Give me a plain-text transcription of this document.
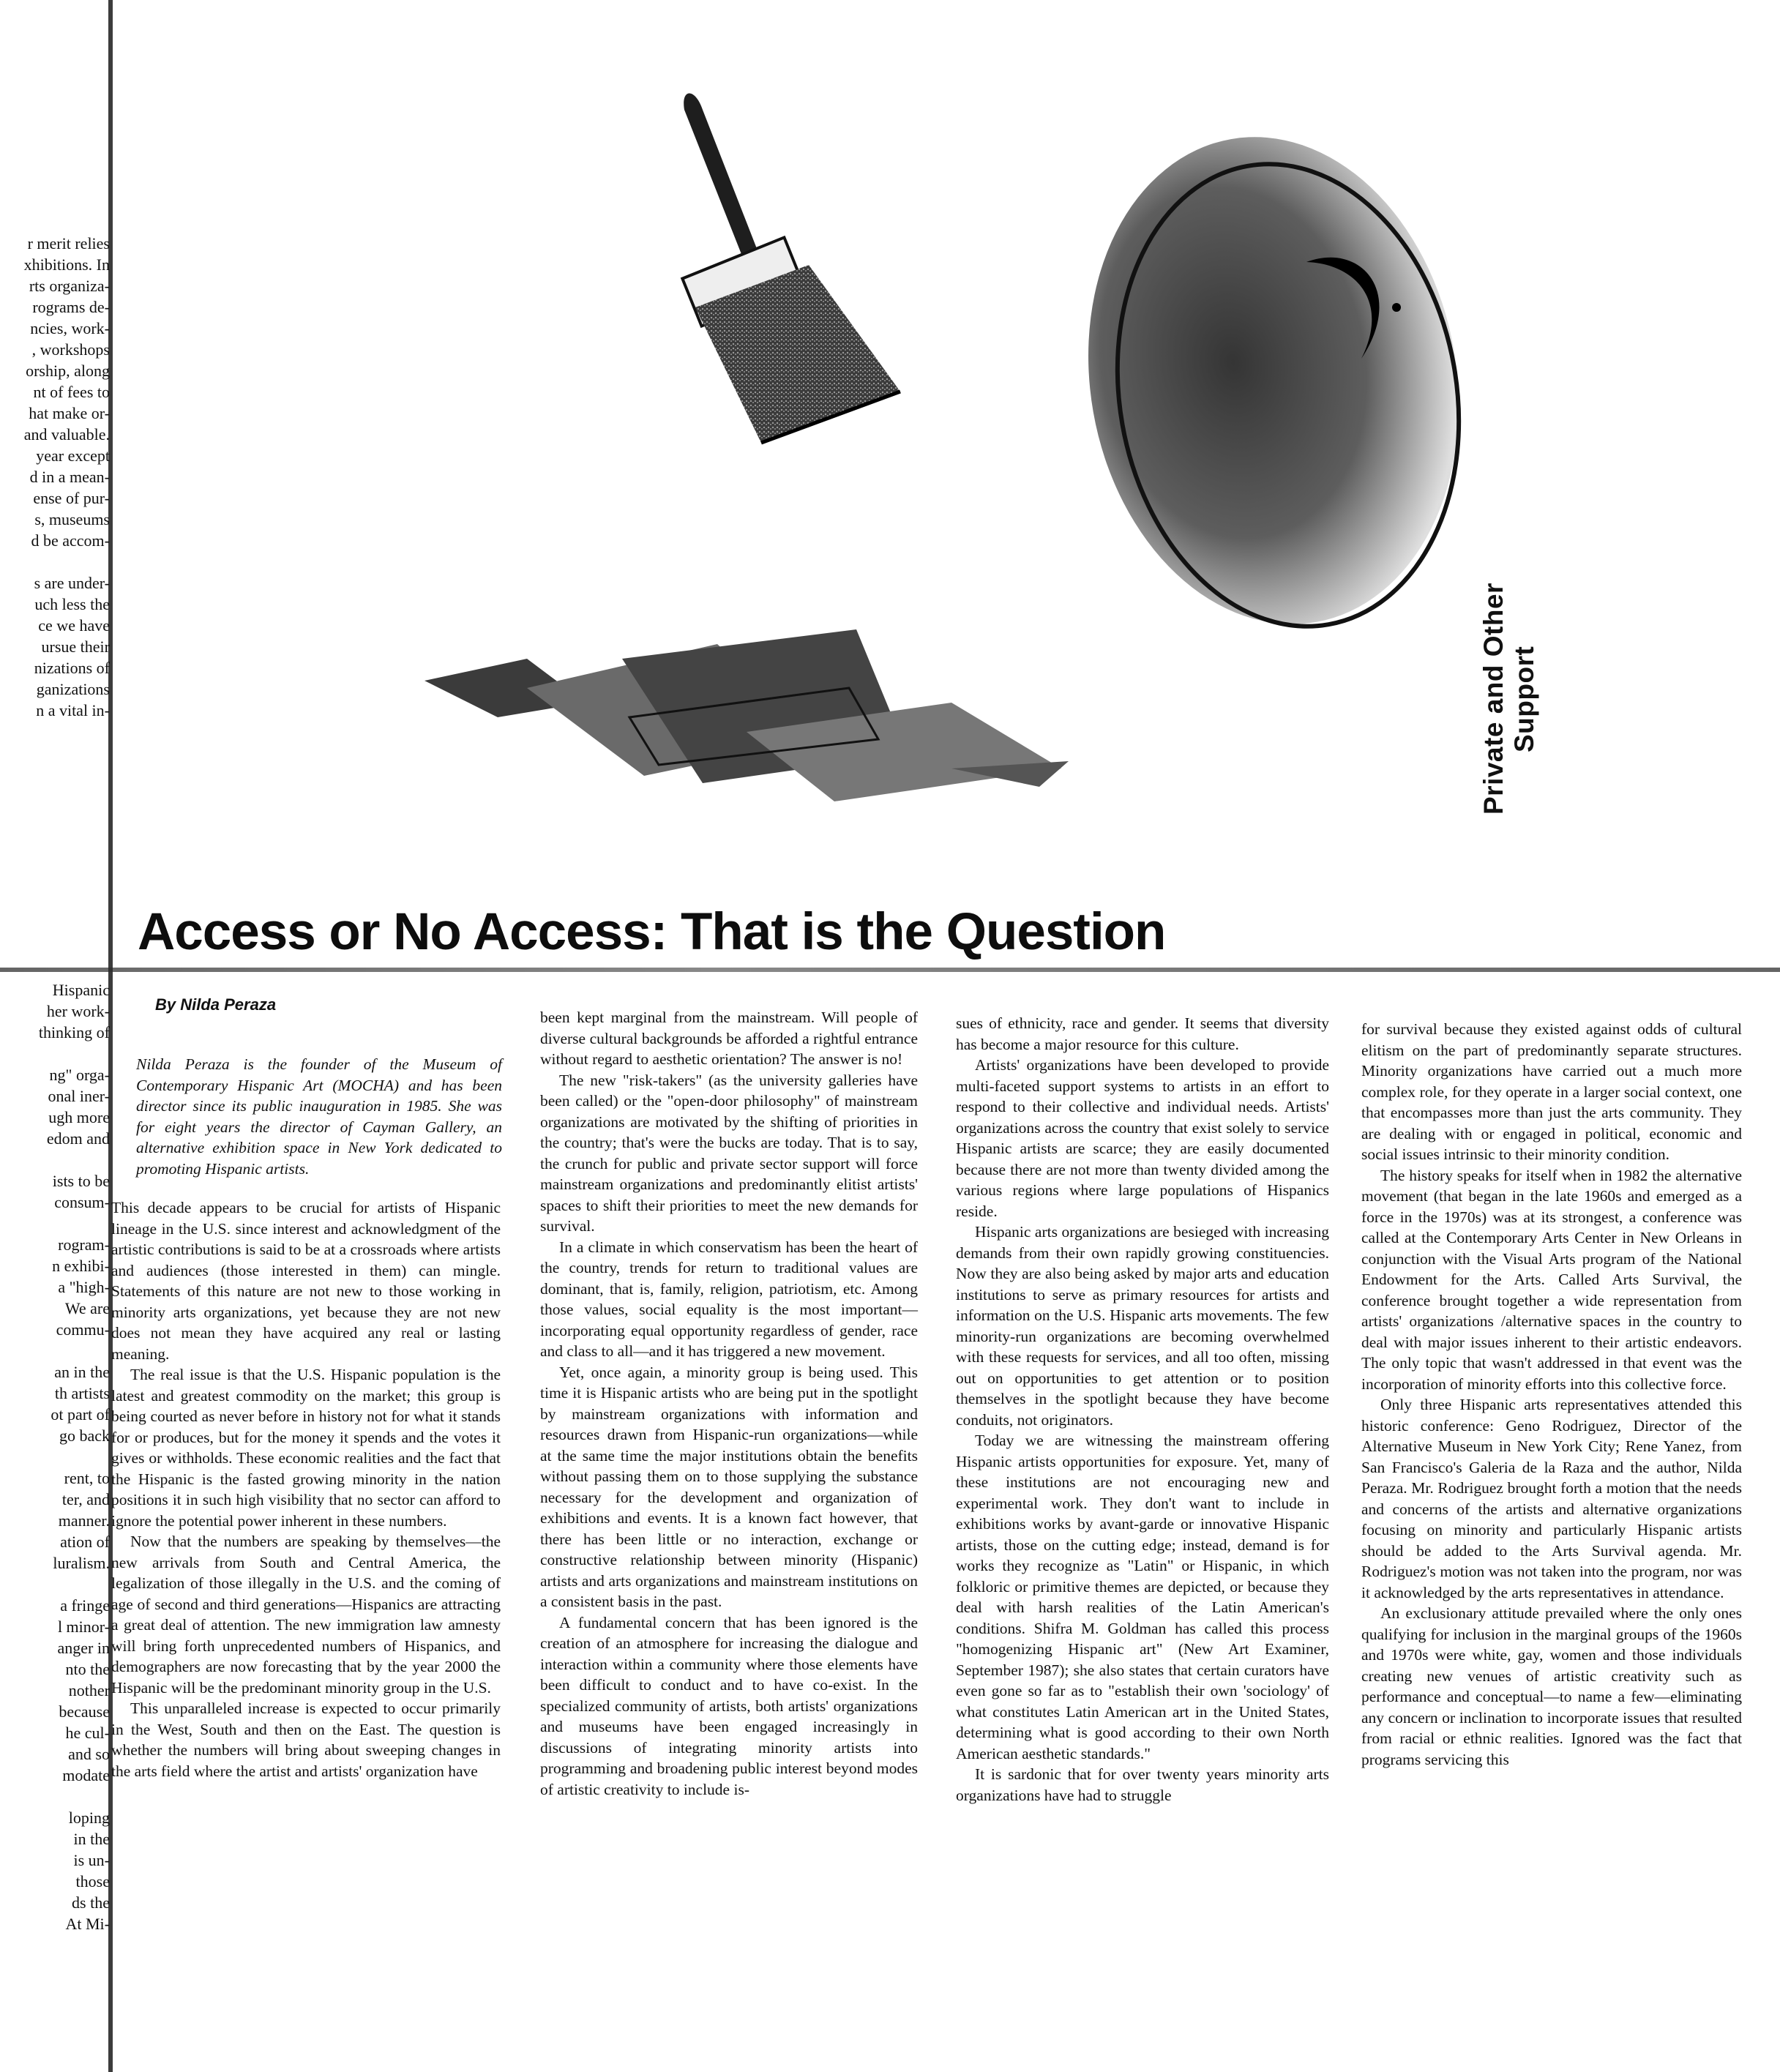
r merit relies

xhibitions. In

rts organiza-

rograms de-

ncies, work-

, workshops

orship, along

nt of fees to

hat make or-

and valuable.

year except

d in a mean-

ense of pur-

s, museums

d be accom-

s are under-

uch less the

ce we have

ursue their

nizations of

ganizations

n a vital in-

Hispanic

her work-

thinking of

ng" orga-

onal iner-

ugh more

edom and

ists to be

consum-

rogram-

n exhibi-

a "high-

We are

commu-

an in the

th artists

ot part of

go back

rent, to

ter, and

manner.

ation of

luralism.

a fringe

l minor-

anger in

nto the

nother

because

he cul-

and so

modate

loping

in the

is un-

those

ds the

At Mi-

Private and Other Support
Access or No Access: That is the Question
By Nilda Peraza
Nilda Peraza is the founder of the Museum of Contemporary Hispanic Art (MOCHA) and has been director since its public inauguration in 1985. She was for eight years the director of Cayman Gallery, an alternative exhibition space in New York dedicated to promoting Hispanic artists.

This decade appears to be crucial for artists of Hispanic lineage in the U.S. since interest and acknowledgment of the artistic contributions is said to be at a crossroads where artists and audiences (those interested in them) can mingle. Statements of this nature are not new to those working in minority arts organizations, yet because they are not new does not mean they have acquired any real or lasting meaning.

The real issue is that the U.S. Hispanic population is the latest and greatest commodity on the market; this group is being courted as never before in history not for what it stands for or produces, but for the money it spends and the votes it gives or withholds. These economic realities and the fact that the Hispanic is the fasted growing minority in the nation positions it in such high visibility that no sector can afford to ignore the potential power inherent in these numbers.

Now that the numbers are speaking by themselves—the new arrivals from South and Central America, the legalization of those illegally in the U.S. and the coming of age of second and third generations—Hispanics are attracting a great deal of attention. The new immigration law amnesty will bring forth unprecedented numbers of Hispanics, and demographers are now forecasting that by the year 2000 the Hispanic will be the predominant minority group in the U.S.

This unparalleled increase is expected to occur primarily in the West, South and then on the East. The question is whether the numbers will bring about sweeping changes in the arts field where the artist and artists' organization have

been kept marginal from the mainstream. Will people of diverse cultural backgrounds be afforded a rightful entrance without regard to aesthetic orientation? The answer is no!

The new "risk-takers" (as the university galleries have been called) or the "open-door philosophy" of mainstream organizations are motivated by the shifting of priorities in the country; that's were the bucks are today. That is to say, the crunch for public and private sector support will force mainstream organizations and predominantly elitist artists' spaces to shift their priorities to meet the new demands for survival.

In a climate in which conservatism has been the heart of the country, trends for return to traditional values are dominant, that is, family, religion, patriotism, etc. Among those values, social equality is the most important—incorporating equal opportunity regardless of gender, race and class to all—and it has triggered a new movement.

Yet, once again, a minority group is being used. This time it is Hispanic artists who are being put in the spotlight by mainstream organizations with information and resources drawn from Hispanic-run organizations—while at the same time the major institutions obtain the benefits without passing them on to those supplying the substance necessary for the development and organization of exhibitions and events. It is a known fact however, that there has been little or no interaction, exchange or constructive relationship between minority (Hispanic) artists and arts organizations and mainstream institutions on a consistent basis in the past.

A fundamental concern that has been ignored is the creation of an atmosphere for increasing the dialogue and interaction within a community where those elements have been difficult to conduct and to have co-exist. In the specialized community of artists, both artists' organizations and museums have been engaged increasingly in discussions of integrating minority artists into programming and broadening public interest beyond modes of artistic creativity to include is-

sues of ethnicity, race and gender. It seems that diversity has become a major resource for this culture.

Artists' organizations have been developed to provide multi-faceted support systems to artists in an effort to respond to their collective and individual needs. Artists' organizations across the country that exist solely to service Hispanic artists are scarce; they are easily documented because there are not more than twenty divided among the various regions where large populations of Hispanics reside.

Hispanic arts organizations are besieged with increasing demands from their own rapidly growing constituencies. Now they are also being asked by major arts and education institutions to serve as primary resources for artists and information on the U.S. Hispanic arts movements. The few minority-run organizations are becoming overwhelmed with these requests for services, and all too often, missing out on opportunities to get attention or to position themselves in the spotlight because they have become conduits, not originators.

Today we are witnessing the mainstream offering Hispanic artists opportunities for exposure. Yet, many of these institutions are not encouraging new and experimental work. They don't want to include in exhibitions works by avant-garde or innovative Hispanic artists, those on the cutting edge; instead, demand is for works they recognize as "Latin" or Hispanic, in which folkloric or primitive themes are depicted, or because they deal with harsh realities of the Latin American's conditions. Shifra M. Goldman has called this process "homogenizing Hispanic art" (New Art Examiner, September 1987); she also states that certain curators have even gone so far as to "establish their own 'sociology' of what constitutes Latin American art in the United States, determining what is good according to their own North American aesthetic standards."

It is sardonic that for over twenty years minority arts organizations have had to struggle

for survival because they existed against odds of cultural elitism on the part of predominantly separate structures. Minority organizations have carried out a much more complex role, for they operate in a larger social context, one that encompasses more than just the arts community. They are dealing with or engaged in political, economic and social issues intrinsic to their minority condition.

The history speaks for itself when in 1982 the alternative movement (that began in the late 1960s and emerged as a force in the 1970s) was at its strongest, a conference was called at the Contemporary Arts Center in New Orleans in conjunction with the Visual Arts program of the National Endowment for the Arts. Called Arts Survival, the conference brought together a wide representation from artists' organizations /alternative spaces in the country to deal with major issues inherent to their artistic endeavors. The only topic that wasn't addressed in that event was the incorporation of minority efforts into this collective force.

Only three Hispanic arts representatives attended this historic conference: Geno Rodriguez, Director of the Alternative Museum in New York City; Rene Yanez, from San Francisco's Galeria de la Raza and the author, Nilda Peraza. Mr. Rodriguez brought forth a motion that the needs and concerns of the artists and alternative organizations focusing on minority and particularly Hispanic artists should be added to the Arts Survival agenda. Mr. Rodriguez's motion was not taken into the program, nor was it acknowledged by the arts representatives in attendance.

An exclusionary attitude prevailed where the only ones qualifying for inclusion in the marginal groups of the 1960s and 1970s were white, gay, women and those individuals creating new venues of artistic creativity such as performance and conceptual—to name a few—eliminating any concern or inclination to incorporate issues that resulted from racial or ethnic realities. Ignored was the fact that programs servicing this
